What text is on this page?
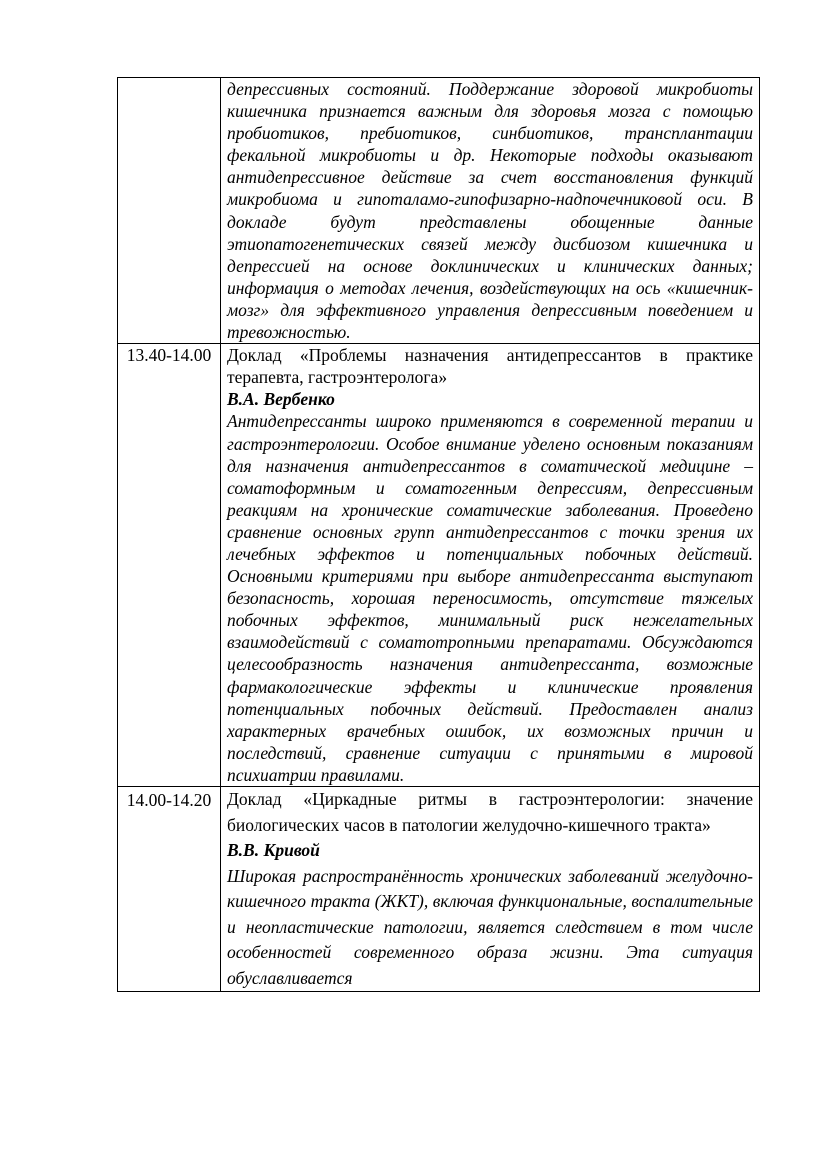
	депрессивных состояний. Поддержание здоровой микробиоты кишечника признается важным для здоровья мозга с помощью пробиотиков, пребиотиков, синбиотиков, трансплантации фекальной микробиоты и др. Некоторые подходы оказывают антидепрессивное действие за счет восстановления функций микробиома и гипоталамо-гипофизарно-надпочечниковой оси. В докладе будут представлены обощенные данные этиопатогенетических связей между дисбиозом кишечника и депрессией на основе доклинических и клинических данных; информация о методах лечения, воздействующих на ось «кишечник-мозг» для эффективного управления депрессивным поведением и тревожностью.

13.40-14.00	Доклад «Проблемы назначения антидепрессантов в практике терапевта, гастроэнтеролога»

В.А. Вербенко

Антидепрессанты широко применяются в современной терапии и гастроэнтерологии. Особое внимание уделено основным показаниям для назначения антидепрессантов в соматической медицине – соматоформным и соматогенным депрессиям, депрессивным реакциям на хронические соматические заболевания. Проведено сравнение основных групп антидепрессантов с точки зрения их лечебных эффектов и потенциальных побочных действий. Основными критериями при выборе антидепрессанта выступают безопасность, хорошая переносимость, отсутствие тяжелых побочных эффектов, минимальный риск нежелательных взаимодействий с соматотропными препаратами. Обсуждаются целесообразность назначения антидепрессанта, возможные фармакологические эффекты и клинические проявления потенциальных побочных действий. Предоставлен анализ характерных врачебных ошибок, их возможных причин и последствий, сравнение ситуации с принятыми в мировой психиатрии правилами.

14.00-14.20	Доклад «Циркадные ритмы в гастроэнтерологии: значение биологических часов в патологии желудочно-кишечного тракта»

В.В. Кривой

Широкая распространённость хронических заболеваний желудочно-кишечного тракта (ЖКТ), включая функциональные, воспалительные и неопластические патологии, является следствием в том числе особенностей современного образа жизни. Эта ситуация обуславливается
